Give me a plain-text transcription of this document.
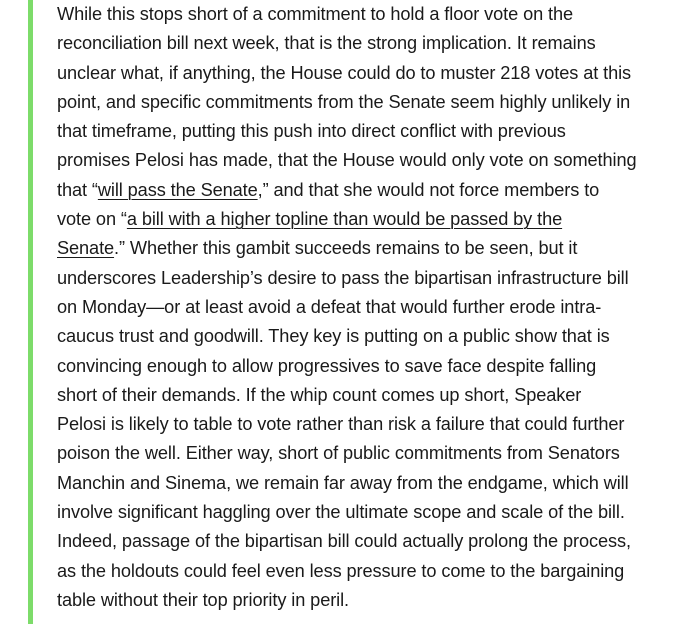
While this stops short of a commitment to hold a floor vote on the
reconciliation bill next week, that is the strong implication. It remains
unclear what, if anything, the House could do to muster 218 votes at this
point, and specific commitments from the Senate seem highly unlikely in
that timeframe, putting this push into direct conflict with previous
promises Pelosi has made, that the House would only vote on something
that “will pass the Senate,” and that she would not force members to
vote on “a bill with a higher topline than would be passed by the
Senate.” Whether this gambit succeeds remains to be seen, but it
underscores Leadership’s desire to pass the bipartisan infrastructure bill
on Monday—or at least avoid a defeat that would further erode intra-
caucus trust and goodwill. They key is putting on a public show that is
convincing enough to allow progressives to save face despite falling
short of their demands. If the whip count comes up short, Speaker
Pelosi is likely to table to vote rather than risk a failure that could further
poison the well. Either way, short of public commitments from Senators
Manchin and Sinema, we remain far away from the endgame, which will
involve significant haggling over the ultimate scope and scale of the bill.
Indeed, passage of the bipartisan bill could actually prolong the process,
as the holdouts could feel even less pressure to come to the bargaining
table without their top priority in peril.
